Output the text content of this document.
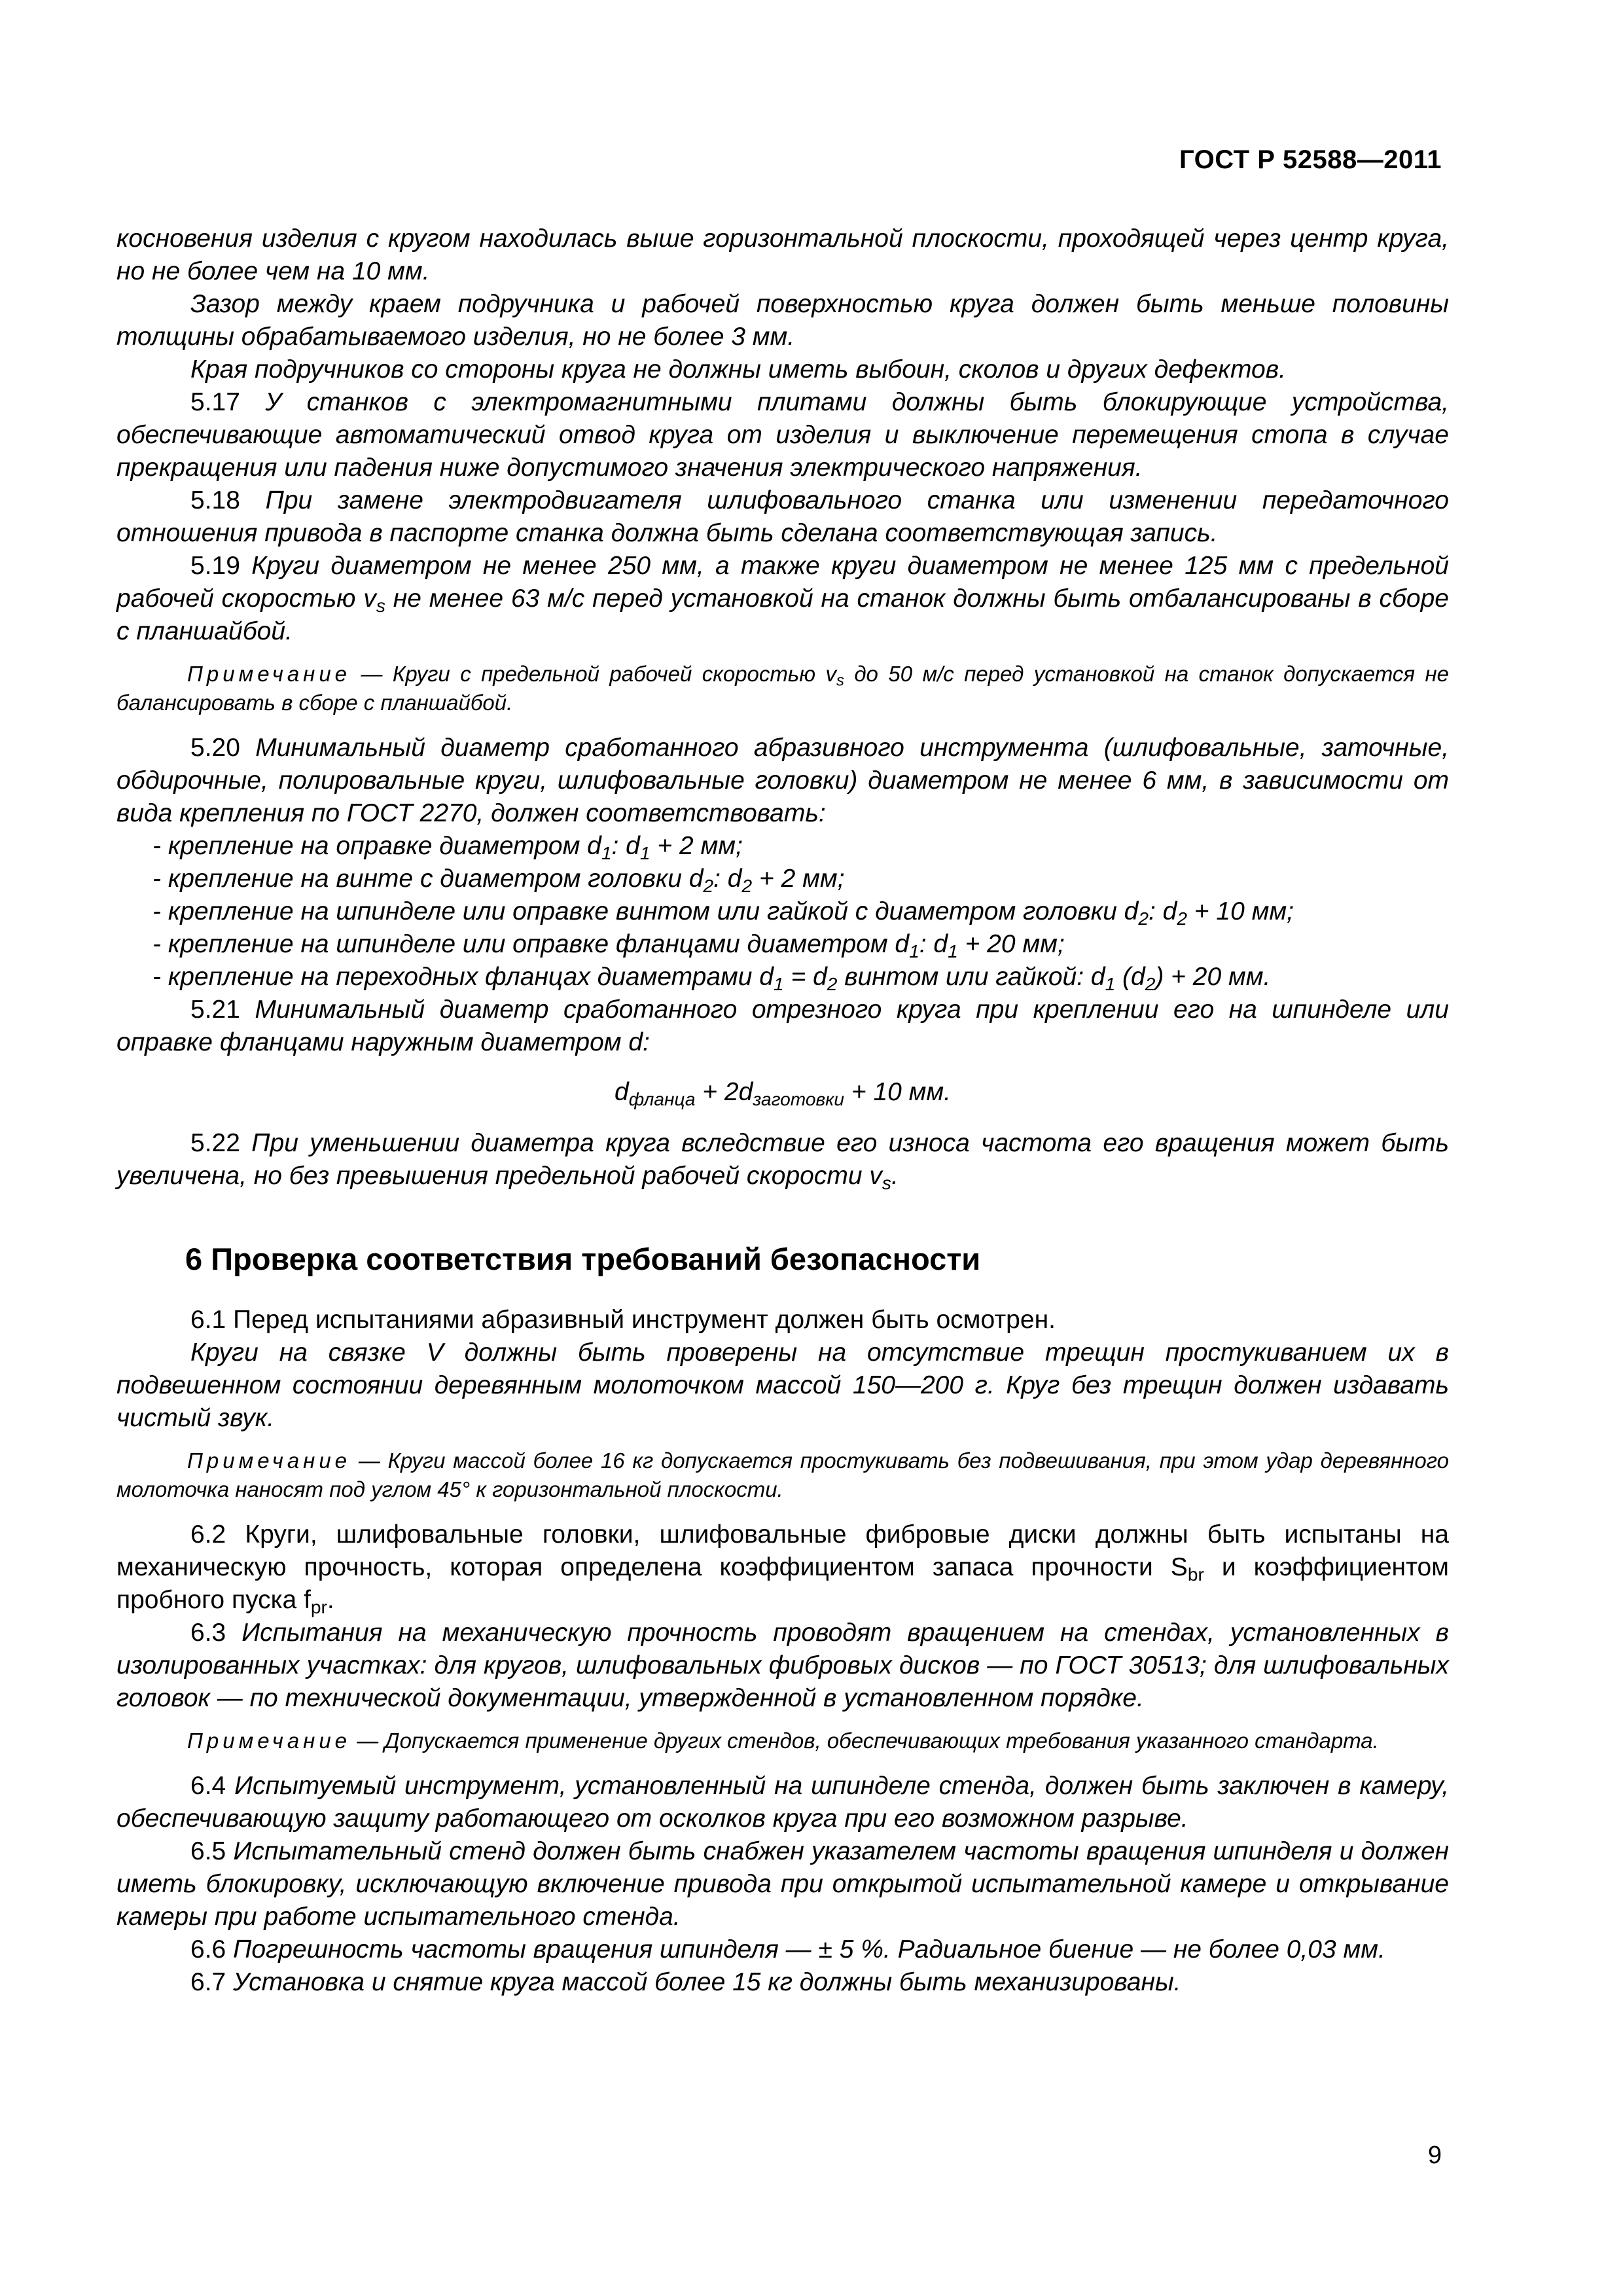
ГОСТ Р 52588—2011

косновения изделия с кругом находилась выше горизонтальной плоскости, проходящей через центр круга, но не более чем на 10 мм.

Зазор между краем подручника и рабочей поверхностью круга должен быть меньше половины толщины обрабатываемого изделия, но не более 3 мм.

Края подручников со стороны круга не должны иметь выбоин, сколов и других дефектов.

5.17 У станков с электромагнитными плитами должны быть блокирующие устройства, обеспечивающие автоматический отвод круга от изделия и выключение перемещения стопа в случае прекращения или падения ниже допустимого значения электрического напряжения.

5.18 При замене электродвигателя шлифовального станка или изменении передаточного отношения привода в паспорте станка должна быть сделана соответствующая запись.

5.19 Круги диаметром не менее 250 мм, а также круги диаметром не менее 125 мм с предельной рабочей скоростью $v_s$ не менее 63 м/с перед установкой на станок должны быть отбалансированы в сборе с планшайбой.

Примечание — Круги с предельной рабочей скоростью $v_s$ до 50 м/с перед установкой на станок допускается не балансировать в сборе с планшайбой.

5.20 Минимальный диаметр сработанного абразивного инструмента (шлифовальные, заточные, обдирочные, полировальные круги, шлифовальные головки) диаметром не менее 6 мм, в зависимости от вида крепления по ГОСТ 2270, должен соответствовать:

- крепление на оправке диаметром $d_1$: $d_1 + 2$ мм;

- крепление на винте с диаметром головки $d_2$: $d_2 + 2$ мм;

- крепление на шпинделе или оправке винтом или гайкой с диаметром головки $d_2$: $d_2 + 10$ мм;

- крепление на шпинделе или оправке фланцами диаметром $d_1$: $d_1 + 20$ мм;

- крепление на переходных фланцах диаметрами $d_1 = d_2$ винтом или гайкой: $d_1$ $(d_2) + 20$ мм.

5.21 Минимальный диаметр сработанного отрезного круга при креплении его на шпинделе или оправке фланцами наружным диаметром d:

$d_{фланца} + 2d_{заготовки} + 10$ мм.

5.22 При уменьшении диаметра круга вследствие его износа частота его вращения может быть увеличена, но без превышения предельной рабочей скорости $v_s$.

6 Проверка соответствия требований безопасности

6.1 Перед испытаниями абразивный инструмент должен быть осмотрен.

Круги на связке V должны быть проверены на отсутствие трещин простукиванием их в подвешенном состоянии деревянным молоточком массой 150—200 г. Круг без трещин должен издавать чистый звук.

Примечание — Круги массой более 16 кг допускается простукивать без подвешивания, при этом удар деревянного молоточка наносят под углом 45° к горизонтальной плоскости.

6.2 Круги, шлифовальные головки, шлифовальные фибровые диски должны быть испытаны на механическую прочность, которая определена коэффициентом запаса прочности $S_{br}$ и коэффициентом пробного пуска $f_{pr}$.

6.3 Испытания на механическую прочность проводят вращением на стендах, установленных в изолированных участках: для кругов, шлифовальных фибровых дисков — по ГОСТ 30513; для шлифовальных головок — по технической документации, утвержденной в установленном порядке.

Примечание — Допускается применение других стендов, обеспечивающих требования указанного стандарта.

6.4 Испытуемый инструмент, установленный на шпинделе стенда, должен быть заключен в камеру, обеспечивающую защиту работающего от осколков круга при его возможном разрыве.

6.5 Испытательный стенд должен быть снабжен указателем частоты вращения шпинделя и должен иметь блокировку, исключающую включение привода при открытой испытательной камере и открывание камеры при работе испытательного стенда.

6.6 Погрешность частоты вращения шпинделя — ± 5 %. Радиальное биение — не более 0,03 мм.

6.7 Установка и снятие круга массой более 15 кг должны быть механизированы.

9
